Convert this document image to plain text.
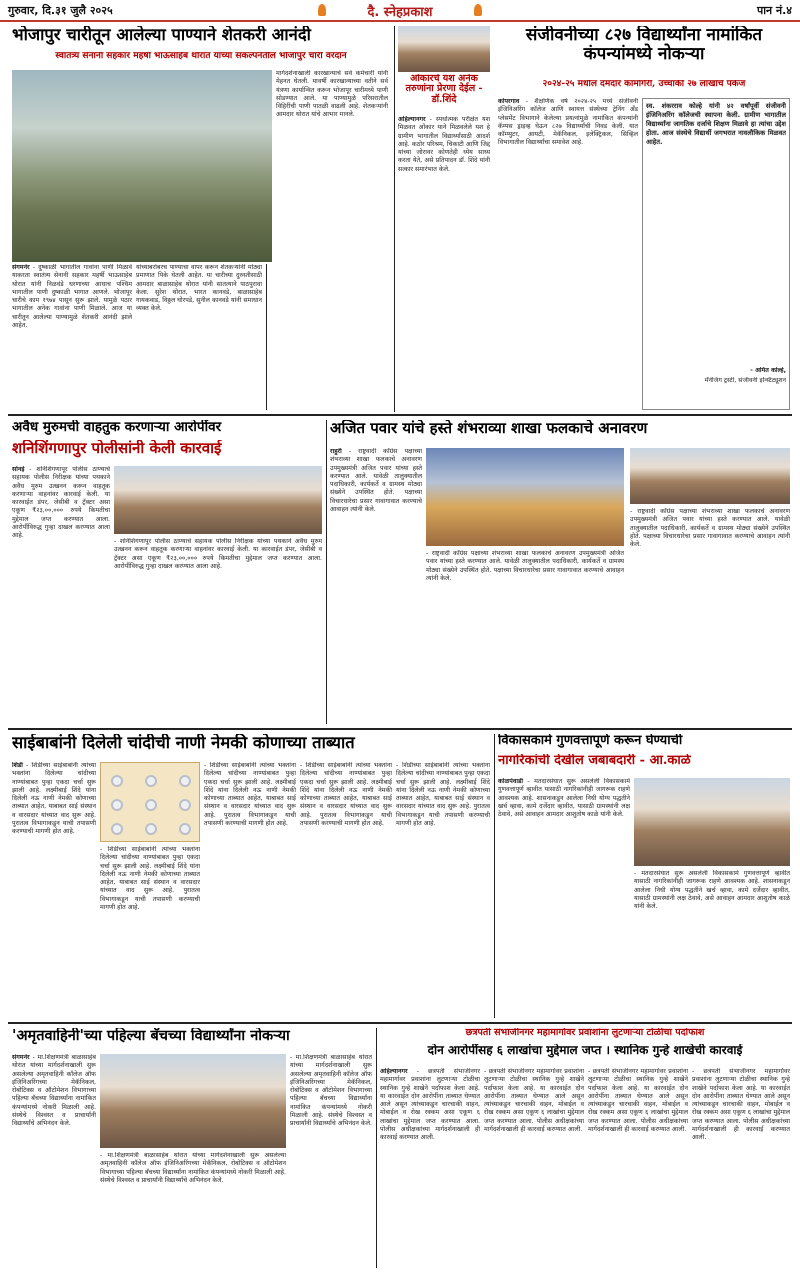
गुरुवार, दि.३१ जुलै २०२५	दै. स्नेहप्रकाश	पान नं.४
भोजापुर चारीतून आलेल्या पाण्याने शेतकरी आनंदी
स्वातंत्र्य सेनानी सहकार महर्षी भाऊसाहेब थोरात यांच्या संकल्पनेतील भोजापुर चारी वरदान
मार्गदर्शनाखाली कारखान्याचे सर्व कर्मचारी यांनी मेहनत घेतली. यावर्षी कारखान्याच्या वतीने सर्व यंत्रणा कार्यान्वित करून भोजापूर चारीमध्ये पाणी सोडण्यात आले. या पाण्यामुळे परिसरातील विहिरींची पाणी पातळी वाढली आहे. शेतकऱ्यांनी आमदार थोरात यांचे आभार मानले.
संगमनेर - दुष्काळी भागातील गावांना पाणी मिळावे याकरता स्वातंत्र्य सेनानी सहकार महर्षी भाऊसाहेब थोरात यांनी निळवंडे धरणाच्या आधाच पश्चिम भागातील पाणी दुष्काळी भागात आणले. भोजापूर चारीचे काम १९७४ पासून सुरू झाले. यामुळे पठार भागातील अनेक गावांना पाणी मिळाले. आज या चारीतून आलेल्या पाण्यामुळे शेतकरी आनंदी झाले आहेत.
यांच्याबरोबरच पाण्याचा वापर करून शेतकऱ्यांनी मोठ्या प्रमाणात पिके घेतली आहेत. या चारीच्या दुरुस्तीसाठी आमदार बाळासाहेब थोरात यांनी सातत्याने पाठपुरावा केला. सुरेश थोरात, भारत कानवडे, बाळासाहेब गायकवाड, विठ्ठल घोरपडे, सुनील कानवडे यांनी समाधान व्यक्त केले.
ओंकारचे यश अनेक तरुणांना प्रेरणा देईल - डॉ.शिंदे
अहिल्यानगर - स्पर्धात्मक परीक्षेत यश मिळवत ओंकार याने मिळवलेले यश हे ग्रामीण भागातील विद्यार्थ्यांसाठी आदर्श आहे. कठोर परिश्रम, चिकाटी आणि जिद्द यांच्या जोरावर कोणतेही ध्येय साध्य करता येते, असे प्रतिपादन डॉ. शिंदे यांनी सत्कार समारंभात केले.
संजीवनीच्या ८२७ विद्यार्थ्यांना नामांकित कंपन्यांमध्ये नोकऱ्या
२०२४-२५ मधील दमदार कामगिरी, उच्चांकी २७ लाखांचे पॅकेज
कोपरगाव - शैक्षणिक वर्ष २०२४-२५ मध्ये संजीवनी इंजिनिअरिंग कॉलेज आणि स्वायत्त संस्थेच्या ट्रेनिंग अँड प्लेसमेंट विभागाने केलेल्या प्रयत्नांमुळे नामांकित कंपन्यांनी कॅम्पस ड्राइव्ह घेऊन ८२७ विद्यार्थ्यांची निवड केली. यात कॉम्प्युटर, आयटी, मेकॅनिकल, इलेक्ट्रिकल, सिव्हिल विभागातील विद्यार्थ्यांचा समावेश आहे.
स्व. शंकरराव कोल्हे यांनी ४२ वर्षांपूर्वी संजीवनी इंजिनिअरिंग कॉलेजची स्थापना केली. ग्रामीण भागातील विद्यार्थ्यांना जागतिक दर्जाचे शिक्षण मिळावे हा त्यांचा उद्देश होता. आज संस्थेचे विद्यार्थी जगभरात नावलौकिक मिळवत आहेत.
- अमित कोल्हे,
मॅनेजिंग ट्रस्टी, संजीवनी इन्स्टिट्यूशन
अवैध मुरुमची वाहतुक करणाऱ्या आरोपींवर
शनिशिंगणापुर पोलीसांनी केली कारवाई
सोनई - शनिशिंगणापूर पोलीस ठाण्याचे सहायक पोलीस निरीक्षक यांच्या पथकाने अवैध मुरुम उत्खनन करून वाहतूक करणाऱ्या वाहनांवर कारवाई केली. या कारवाईत डंपर, जेसीबी व ट्रॅक्टर असा एकूण ₹२३,००,००० रुपये किमतीचा मुद्देमाल जप्त करण्यात आला. आरोपींविरुद्ध गुन्हा दाखल करण्यात आला आहे.
- शनिशिंगणापूर पोलीस ठाण्याचे सहायक पोलीस निरीक्षक यांच्या पथकाने अवैध मुरुम उत्खनन करून वाहतूक करणाऱ्या वाहनांवर कारवाई केली. या कारवाईत डंपर, जेसीबी व ट्रॅक्टर असा एकूण ₹२३,००,००० रुपये किमतीचा मुद्देमाल जप्त करण्यात आला. आरोपींविरुद्ध गुन्हा दाखल करण्यात आला आहे.
अजित पवार यांचे हस्ते शंभराव्या शाखा फलकाचे अनावरण
राहुरी - राष्ट्रवादी काँग्रेस पक्षाच्या शंभराव्या शाखा फलकाचे अनावरण उपमुख्यमंत्री अजित पवार यांच्या हस्ते करण्यात आले. यावेळी तालुक्यातील पदाधिकारी, कार्यकर्ते व ग्रामस्थ मोठ्या संख्येने उपस्थित होते. पक्षाच्या विचारधारेचा प्रसार गावागावात करण्याचे आवाहन त्यांनी केले.
- राष्ट्रवादी काँग्रेस पक्षाच्या शंभराव्या शाखा फलकाचे अनावरण उपमुख्यमंत्री अजित पवार यांच्या हस्ते करण्यात आले. यावेळी तालुक्यातील पदाधिकारी, कार्यकर्ते व ग्रामस्थ मोठ्या संख्येने उपस्थित होते. पक्षाच्या विचारधारेचा प्रसार गावागावात करण्याचे आवाहन त्यांनी केले.
- राष्ट्रवादी काँग्रेस पक्षाच्या शंभराव्या शाखा फलकाचे अनावरण उपमुख्यमंत्री अजित पवार यांच्या हस्ते करण्यात आले. यावेळी तालुक्यातील पदाधिकारी, कार्यकर्ते व ग्रामस्थ मोठ्या संख्येने उपस्थित होते. पक्षाच्या विचारधारेचा प्रसार गावागावात करण्याचे आवाहन त्यांनी केले.
साईबाबांनी दिलेली चांदीची नाणी नेमकी कोणाच्या ताब्यात
शिर्डी - शिर्डीच्या साईबाबांनी त्यांच्या भक्तांना दिलेल्या चांदीच्या नाण्यांबाबत पुन्हा एकदा चर्चा सुरू झाली आहे. लक्ष्मीबाई शिंदे यांना दिलेली नऊ नाणी नेमकी कोणाच्या ताब्यात आहेत, याबाबत साई संस्थान व वारसदार यांच्यात वाद सुरू आहे. पुरातत्व विभागाकडून याची तपासणी करण्याची मागणी होत आहे.
- शिर्डीच्या साईबाबांनी त्यांच्या भक्तांना दिलेल्या चांदीच्या नाण्यांबाबत पुन्हा एकदा चर्चा सुरू झाली आहे. लक्ष्मीबाई शिंदे यांना दिलेली नऊ नाणी नेमकी कोणाच्या ताब्यात आहेत, याबाबत साई संस्थान व वारसदार यांच्यात वाद सुरू आहे. पुरातत्व विभागाकडून याची तपासणी करण्याची मागणी होत आहे.
- शिर्डीच्या साईबाबांनी त्यांच्या भक्तांना दिलेल्या चांदीच्या नाण्यांबाबत पुन्हा एकदा चर्चा सुरू झाली आहे. लक्ष्मीबाई शिंदे यांना दिलेली नऊ नाणी नेमकी कोणाच्या ताब्यात आहेत, याबाबत साई संस्थान व वारसदार यांच्यात वाद सुरू आहे. पुरातत्व विभागाकडून याची तपासणी करण्याची मागणी होत आहे.
- शिर्डीच्या साईबाबांनी त्यांच्या भक्तांना दिलेल्या चांदीच्या नाण्यांबाबत पुन्हा एकदा चर्चा सुरू झाली आहे. लक्ष्मीबाई शिंदे यांना दिलेली नऊ नाणी नेमकी कोणाच्या ताब्यात आहेत, याबाबत साई संस्थान व वारसदार यांच्यात वाद सुरू आहे. पुरातत्व विभागाकडून याची तपासणी करण्याची मागणी होत आहे.
- शिर्डीच्या साईबाबांनी त्यांच्या भक्तांना दिलेल्या चांदीच्या नाण्यांबाबत पुन्हा एकदा चर्चा सुरू झाली आहे. लक्ष्मीबाई शिंदे यांना दिलेली नऊ नाणी नेमकी कोणाच्या ताब्यात आहेत, याबाबत साई संस्थान व वारसदार यांच्यात वाद सुरू आहे. पुरातत्व विभागाकडून याची तपासणी करण्याची मागणी होत आहे.
विकासकामे गुणवत्तापूर्ण करून घेण्याची
नागरिकांची देखील जबाबदारी - आ.काळे
कोळपेवाडी - मतदारसंघात सुरू असलेली विकासकामे गुणवत्तापूर्ण व्हावीत यासाठी नागरिकांनीही जागरूक राहणे आवश्यक आहे. शासनाकडून आलेला निधी योग्य पद्धतीने खर्च व्हावा, कामे दर्जेदार व्हावीत, यासाठी ग्रामस्थांनी लक्ष ठेवावे, असे आवाहन आमदार आशुतोष काळे यांनी केले.
- मतदारसंघात सुरू असलेली विकासकामे गुणवत्तापूर्ण व्हावीत यासाठी नागरिकांनीही जागरूक राहणे आवश्यक आहे. शासनाकडून आलेला निधी योग्य पद्धतीने खर्च व्हावा, कामे दर्जेदार व्हावीत, यासाठी ग्रामस्थांनी लक्ष ठेवावे, असे आवाहन आमदार आशुतोष काळे यांनी केले.
'अमृतवाहिनी'च्या पहिल्या बॅचच्या विद्यार्थ्यांना नोकऱ्या
संगमनेर - मा.शिक्षणमंत्री बाळासाहेब थोरात यांच्या मार्गदर्शनाखाली सुरू असलेल्या अमृतवाहिनी कॉलेज ऑफ इंजिनिअरिंगच्या मेकॅनिकल, रोबोटिक्स व ऑटोमेशन विभागाच्या पहिल्या बॅचच्या विद्यार्थ्यांना नामांकित कंपन्यांमध्ये नोकरी मिळाली आहे. संस्थेचे विश्वस्त व प्राचार्यांनी विद्यार्थ्यांचे अभिनंदन केले.
- मा.शिक्षणमंत्री बाळासाहेब थोरात यांच्या मार्गदर्शनाखाली सुरू असलेल्या अमृतवाहिनी कॉलेज ऑफ इंजिनिअरिंगच्या मेकॅनिकल, रोबोटिक्स व ऑटोमेशन विभागाच्या पहिल्या बॅचच्या विद्यार्थ्यांना नामांकित कंपन्यांमध्ये नोकरी मिळाली आहे. संस्थेचे विश्वस्त व प्राचार्यांनी विद्यार्थ्यांचे अभिनंदन केले.
- मा.शिक्षणमंत्री बाळासाहेब थोरात यांच्या मार्गदर्शनाखाली सुरू असलेल्या अमृतवाहिनी कॉलेज ऑफ इंजिनिअरिंगच्या मेकॅनिकल, रोबोटिक्स व ऑटोमेशन विभागाच्या पहिल्या बॅचच्या विद्यार्थ्यांना नामांकित कंपन्यांमध्ये नोकरी मिळाली आहे. संस्थेचे विश्वस्त व प्राचार्यांनी विद्यार्थ्यांचे अभिनंदन केले.
छत्रपती संभाजीनगर महामार्गावर प्रवाशांना लुटणाऱ्या टोळीचा पर्दाफाश
दोन आरोपींसह ६ लाखांचा मुद्देमाल जप्त । स्थानिक गुन्हे शाखेची कारवाई
अहिल्यानगर - छत्रपती संभाजीनगर महामार्गावर प्रवाशांना लुटणाऱ्या टोळीचा स्थानिक गुन्हे शाखेने पर्दाफाश केला आहे. या कारवाईत दोन आरोपींना ताब्यात घेण्यात आले असून त्यांच्याकडून चारचाकी वाहन, मोबाईल व रोख रक्कम असा एकूण ६ लाखांचा मुद्देमाल जप्त करण्यात आला. पोलीस अधीक्षकांच्या मार्गदर्शनाखाली ही कारवाई करण्यात आली.
- छत्रपती संभाजीनगर महामार्गावर प्रवाशांना लुटणाऱ्या टोळीचा स्थानिक गुन्हे शाखेने पर्दाफाश केला आहे. या कारवाईत दोन आरोपींना ताब्यात घेण्यात आले असून त्यांच्याकडून चारचाकी वाहन, मोबाईल व रोख रक्कम असा एकूण ६ लाखांचा मुद्देमाल जप्त करण्यात आला. पोलीस अधीक्षकांच्या मार्गदर्शनाखाली ही कारवाई करण्यात आली.
- छत्रपती संभाजीनगर महामार्गावर प्रवाशांना लुटणाऱ्या टोळीचा स्थानिक गुन्हे शाखेने पर्दाफाश केला आहे. या कारवाईत दोन आरोपींना ताब्यात घेण्यात आले असून त्यांच्याकडून चारचाकी वाहन, मोबाईल व रोख रक्कम असा एकूण ६ लाखांचा मुद्देमाल जप्त करण्यात आला. पोलीस अधीक्षकांच्या मार्गदर्शनाखाली ही कारवाई करण्यात आली.
- छत्रपती संभाजीनगर महामार्गावर प्रवाशांना लुटणाऱ्या टोळीचा स्थानिक गुन्हे शाखेने पर्दाफाश केला आहे. या कारवाईत दोन आरोपींना ताब्यात घेण्यात आले असून त्यांच्याकडून चारचाकी वाहन, मोबाईल व रोख रक्कम असा एकूण ६ लाखांचा मुद्देमाल जप्त करण्यात आला. पोलीस अधीक्षकांच्या मार्गदर्शनाखाली ही कारवाई करण्यात आली.
